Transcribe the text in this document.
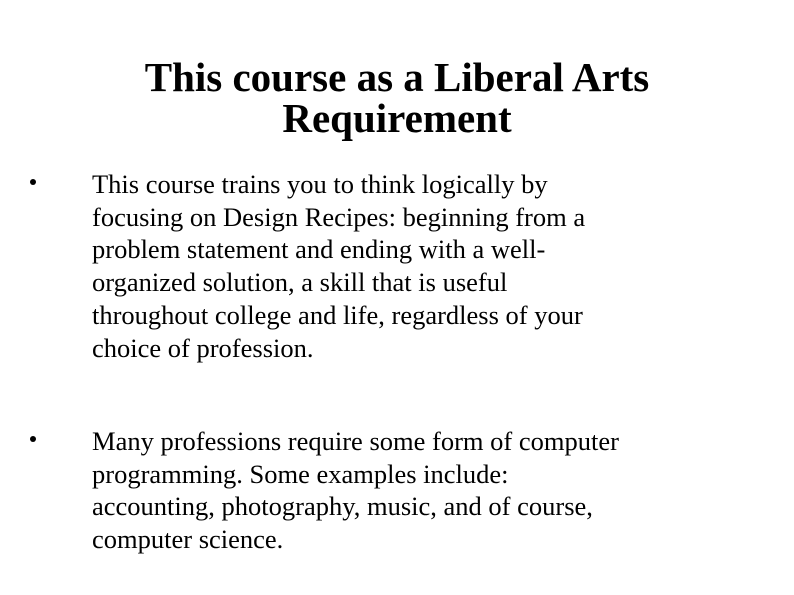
This course as a Liberal Arts
Requirement

This course trains you to think logically by
focusing on Design Recipes: beginning from a
problem statement and ending with a well-
organized solution, a skill that is useful
throughout college and life, regardless of your
choice of profession.

Many professions require some form of computer
programming. Some examples include:
accounting, photography, music, and of course,
computer science.
